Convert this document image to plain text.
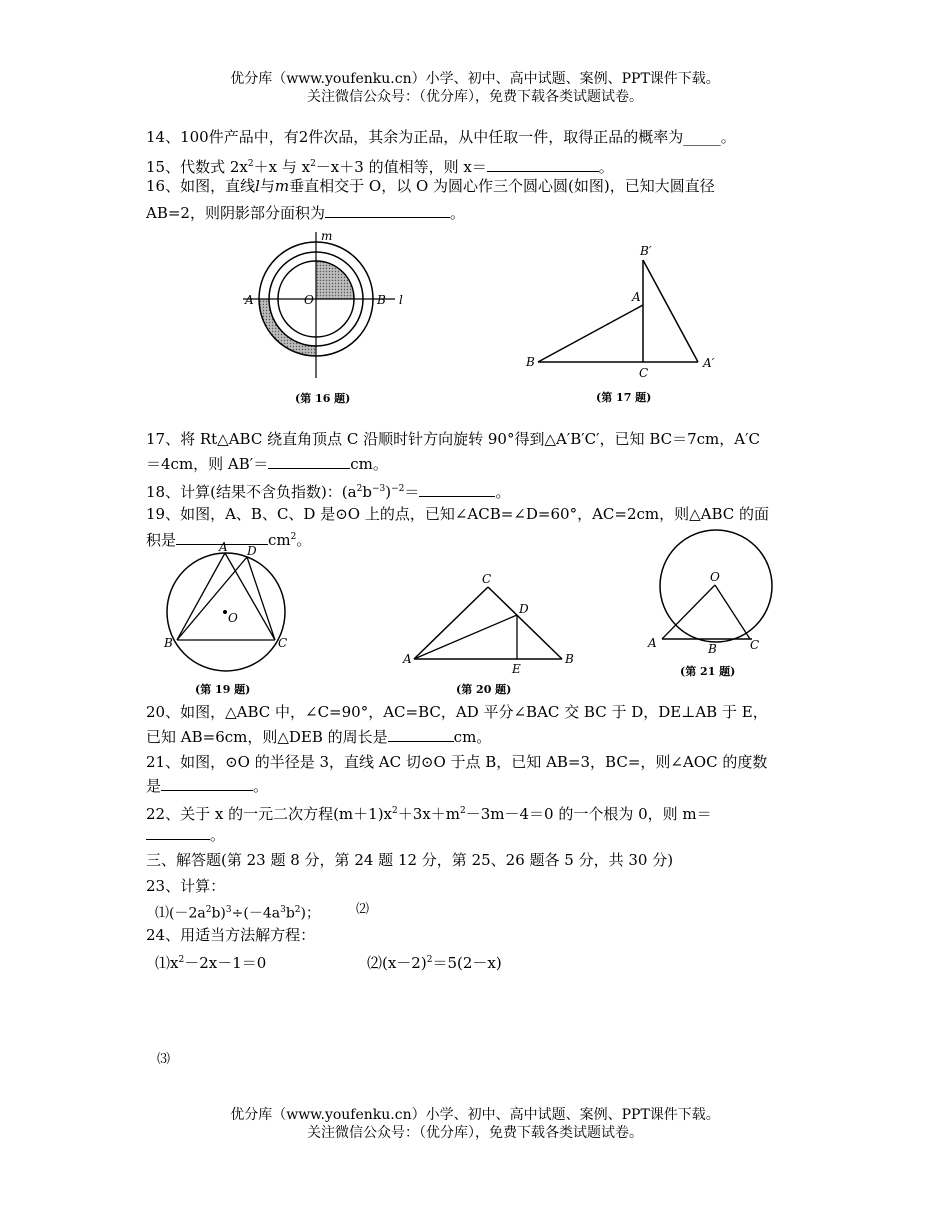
优分库（www.youfenku.cn）小学、初中、高中试题、案例、PPT课件下载。
关注微信公众号：（优分库），免费下载各类试题试卷。
14、100件产品中，有2件次品，其余为正品，从中任取一件，取得正品的概率为_____。
15、代数式 $2x^2+x$ 与 $x^2-x+3$ 的值相等，则 x＝	。
16、如图，直线l与m垂直相交于 O，以 O 为圆心作三个圆心圆(如图)，已知大圆直径
AB=2，则阴影部分面积为	。
m
l
A	O	B
(第 16 题)
B′
A
B
C
A′
(第 17 题)
17、将 Rt△ABC 绕直角顶点 C 沿顺时针方向旋转 90°得到△A′B′C′，已知 BC＝7cm，A′C
＝4cm，则 AB′＝	cm。
18、计算(结果不含负指数)：$(a^2b^{-3})^{-2}=$	。
19、如图，A、B、C、D 是⊙O 上的点，已知∠ACB=∠D=60°，AC=2cm，则△ABC 的面
积是	$cm^2$。
A D
O
B	C
(第 19 题)
C
D
A
E
B
(第 20 题)
O
A	B	C
(第 21 题)
20、如图，△ABC 中，∠C=90°，AC=BC，AD 平分∠BAC 交 BC 于 D，DE⊥AB 于 E，
已知 AB=6cm，则△DEB 的周长是	cm。
21、如图，⊙O 的半径是 3，直线 AC 切⊙O 于点 B，已知 AB=3，BC=，则∠AOC 的度数
是	。
22、关于 x 的一元二次方程$(m+1)x^2+3x+m^2-3m-4=0$ 的一个根为 0，则 m＝
。
三、解答题(第 23 题 8 分，第 24 题 12 分，第 25、26 题各 5 分，共 30 分)
23、计算：
$⑴(-2a^2b)^3\div(-4a^3b^2)$；	⑵
24、用适当方法解方程：
$⑴x^2-2x-1=0$	$⑵(x-2)^2=5(2-x)$
⑶
优分库（www.youfenku.cn）小学、初中、高中试题、案例、PPT课件下载。
关注微信公众号：（优分库），免费下载各类试题试卷。
